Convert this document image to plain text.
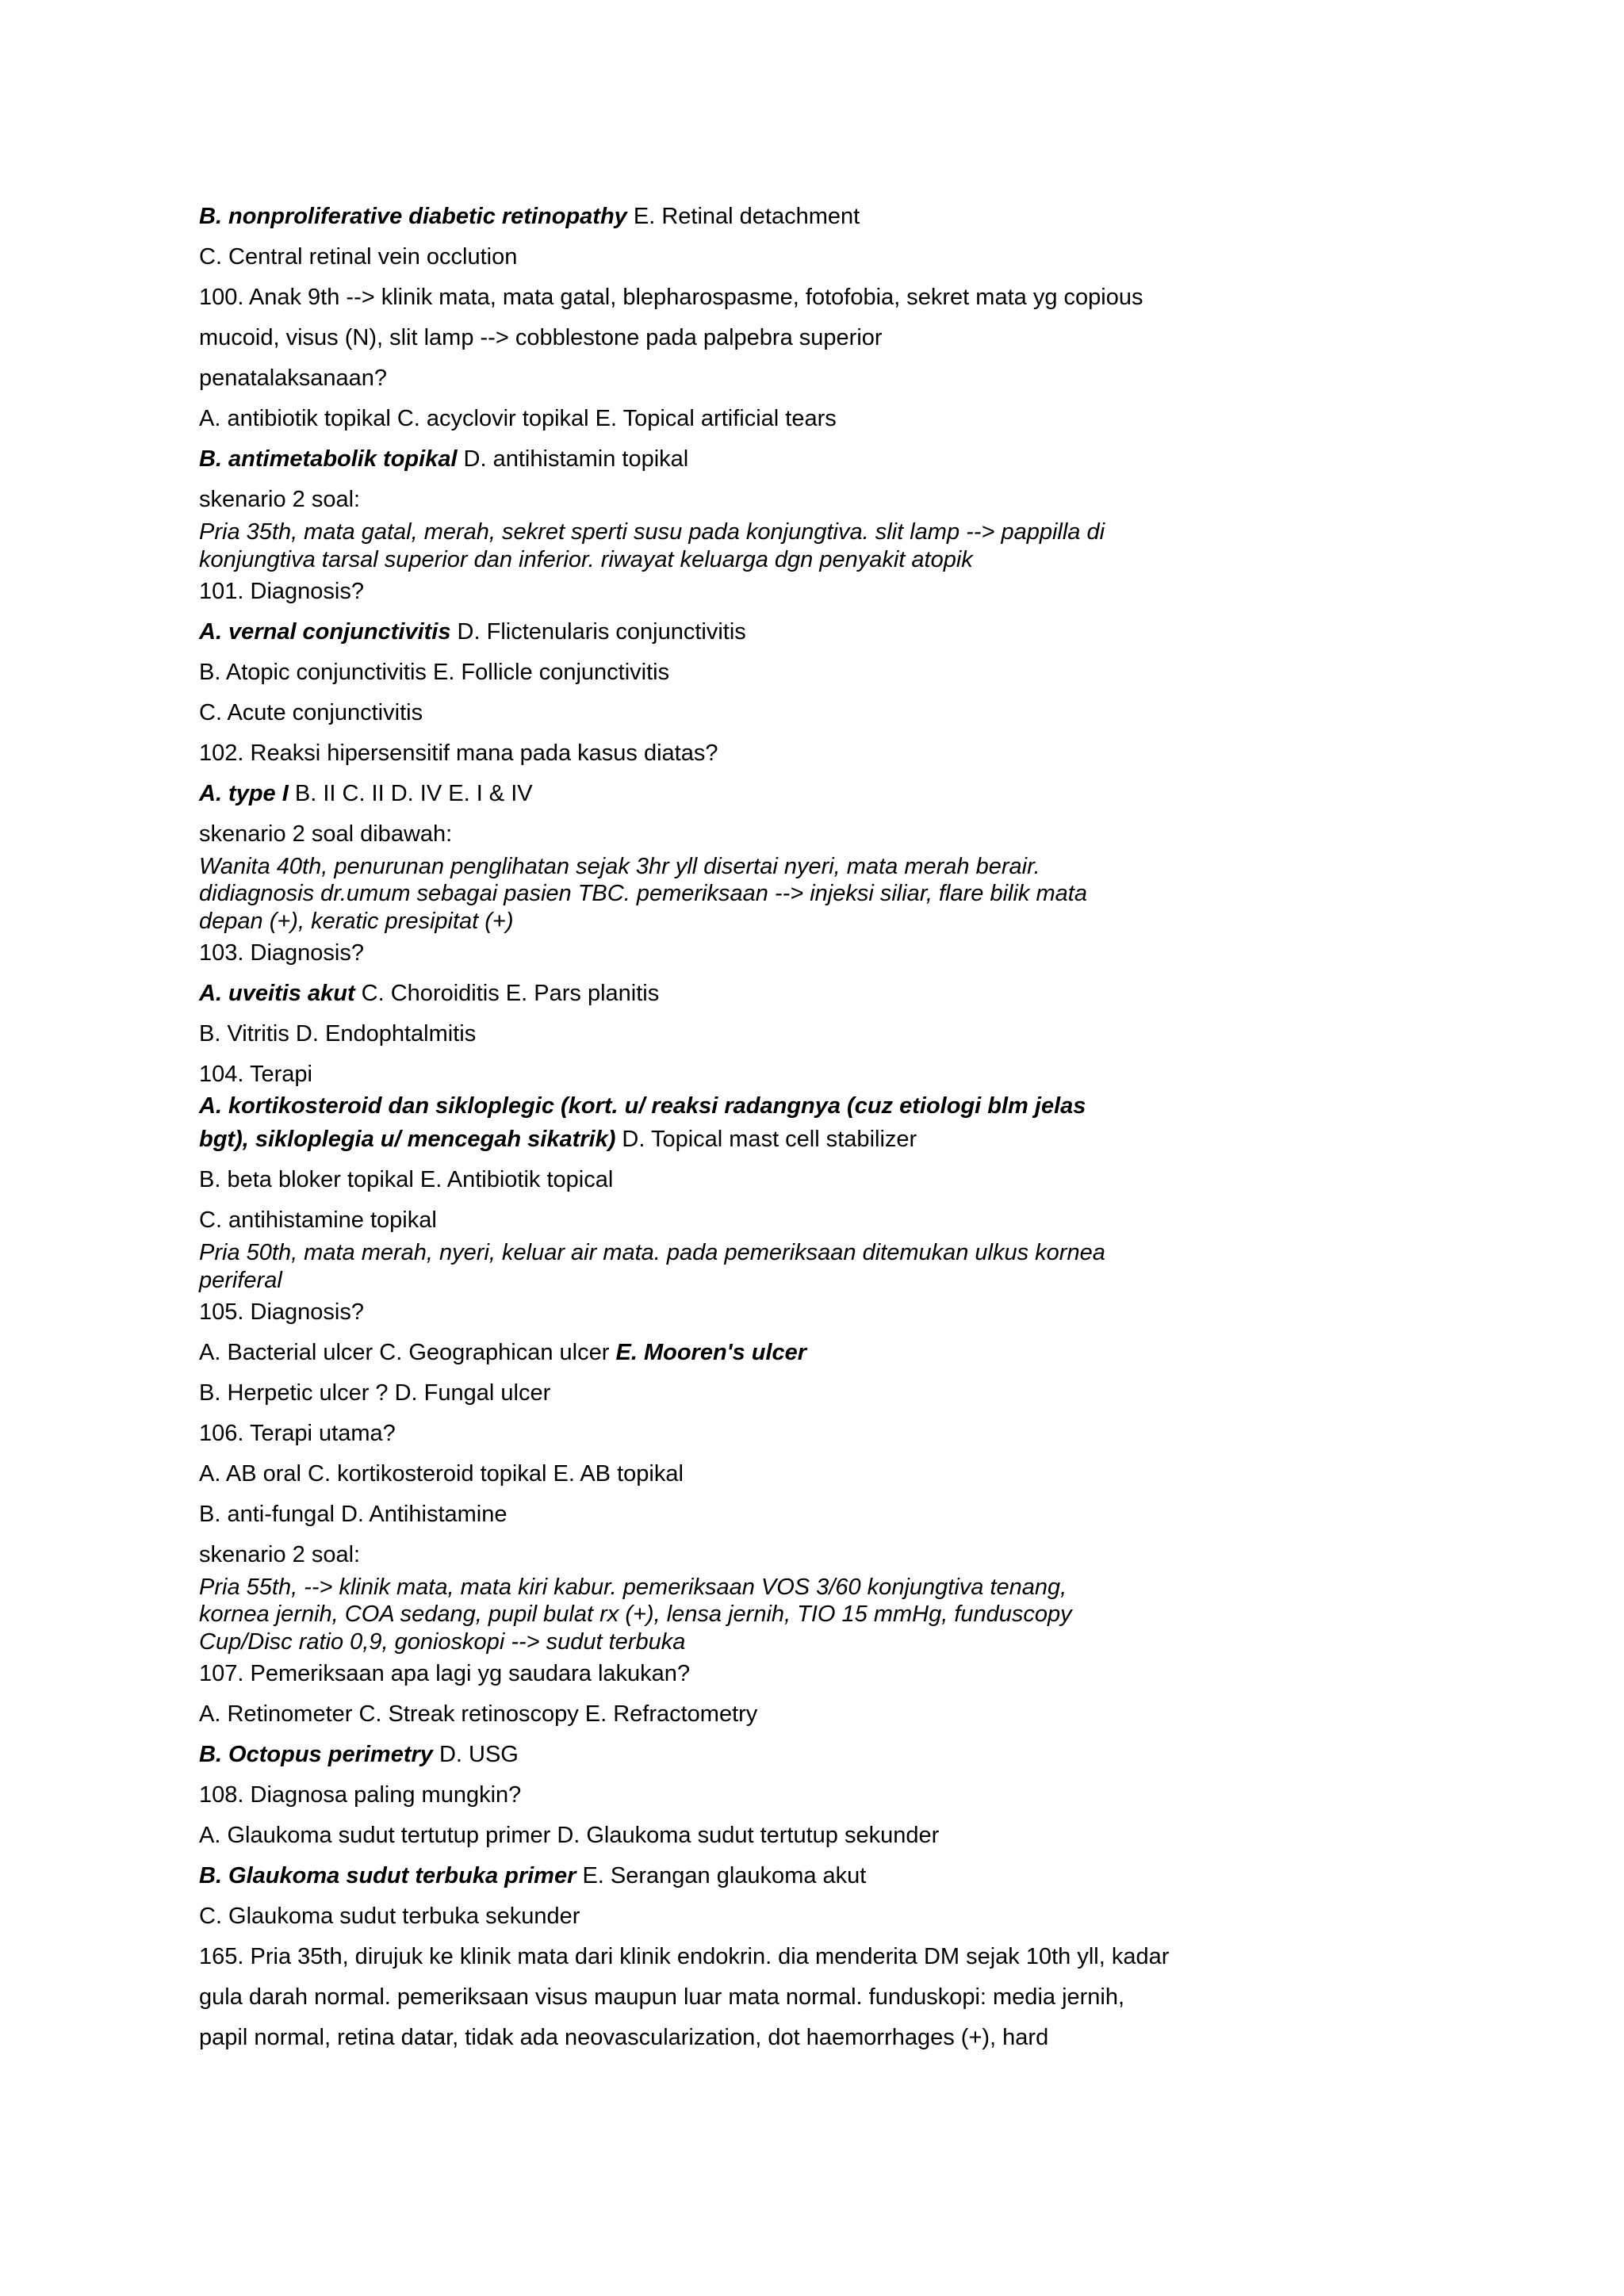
B. nonproliferative diabetic retinopathy E. Retinal detachment

C. Central retinal vein occlution

100. Anak 9th --> klinik mata, mata gatal, blepharospasme, fotofobia, sekret mata yg copious

mucoid, visus (N), slit lamp --> cobblestone pada palpebra superior

penatalaksanaan?

A. antibiotik topikal C. acyclovir topikal E. Topical artificial tears

B. antimetabolik topikal D. antihistamin topikal

skenario 2 soal:

Pria 35th, mata gatal, merah, sekret sperti susu pada konjungtiva. slit lamp --> pappilla di

konjungtiva tarsal superior dan inferior. riwayat keluarga dgn penyakit atopik

101. Diagnosis?

A. vernal conjunctivitis D. Flictenularis conjunctivitis

B. Atopic conjunctivitis E. Follicle conjunctivitis

C. Acute conjunctivitis

102. Reaksi hipersensitif mana pada kasus diatas?

A. type I B. II C. II D. IV E. I & IV

skenario 2 soal dibawah:

Wanita 40th, penurunan penglihatan sejak 3hr yll disertai nyeri, mata merah berair.

didiagnosis dr.umum sebagai pasien TBC. pemeriksaan --> injeksi siliar, flare bilik mata

depan (+), keratic presipitat (+)

103. Diagnosis?

A. uveitis akut C. Choroiditis E. Pars planitis

B. Vitritis D. Endophtalmitis

104. Terapi

A. kortikosteroid dan sikloplegic (kort. u/ reaksi radangnya (cuz etiologi blm jelas

bgt), sikloplegia u/ mencegah sikatrik) D. Topical mast cell stabilizer

B. beta bloker topikal E. Antibiotik topical

C. antihistamine topikal

Pria 50th, mata merah, nyeri, keluar air mata. pada pemeriksaan ditemukan ulkus kornea

periferal

105. Diagnosis?

A. Bacterial ulcer C. Geographican ulcer E. Mooren's ulcer

B. Herpetic ulcer ? D. Fungal ulcer

106. Terapi utama?

A. AB oral C. kortikosteroid topikal E. AB topikal

B. anti-fungal D. Antihistamine

skenario 2 soal:

Pria 55th, --> klinik mata, mata kiri kabur. pemeriksaan VOS 3/60 konjungtiva tenang,

kornea jernih, COA sedang, pupil bulat rx (+), lensa jernih, TIO 15 mmHg, funduscopy

Cup/Disc ratio 0,9, gonioskopi --> sudut terbuka

107. Pemeriksaan apa lagi yg saudara lakukan?

A. Retinometer C. Streak retinoscopy E. Refractometry

B. Octopus perimetry D. USG

108. Diagnosa paling mungkin?

A. Glaukoma sudut tertutup primer D. Glaukoma sudut tertutup sekunder

B. Glaukoma sudut terbuka primer E. Serangan glaukoma akut

C. Glaukoma sudut terbuka sekunder

165. Pria 35th, dirujuk ke klinik mata dari klinik endokrin. dia menderita DM sejak 10th yll, kadar

gula darah normal. pemeriksaan visus maupun luar mata normal. funduskopi: media jernih,

papil normal, retina datar, tidak ada neovascularization, dot haemorrhages (+), hard
